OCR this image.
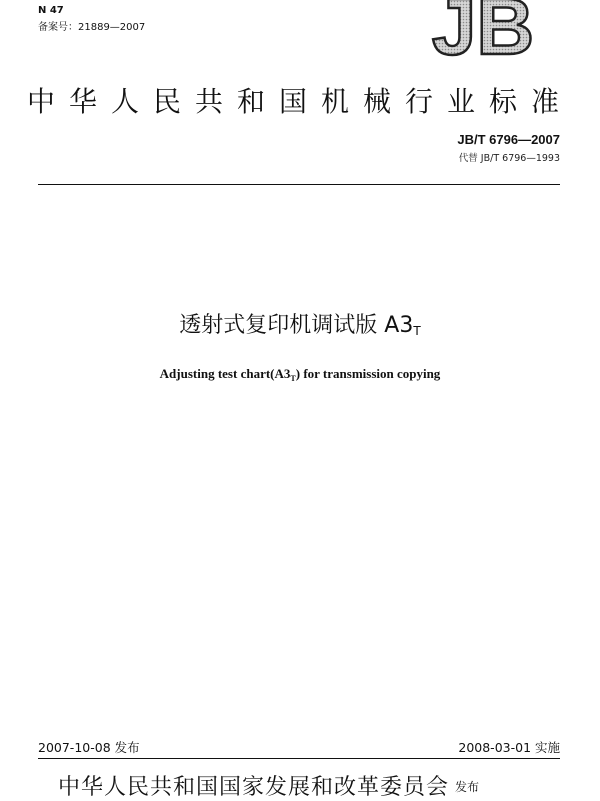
N 47
备案号：21889—2007	JB
中华人民共和国机械行业标准
JB/T 6796—2007
代替 JB/T 6796—1993
透射式复印机调试版 $A3_T$
Adjusting test $chart(A3_T)$ for transmission copying
2007-10-08 发布	2008-03-01 实施
中华人民共和国国家发展和改革委员会 发布
